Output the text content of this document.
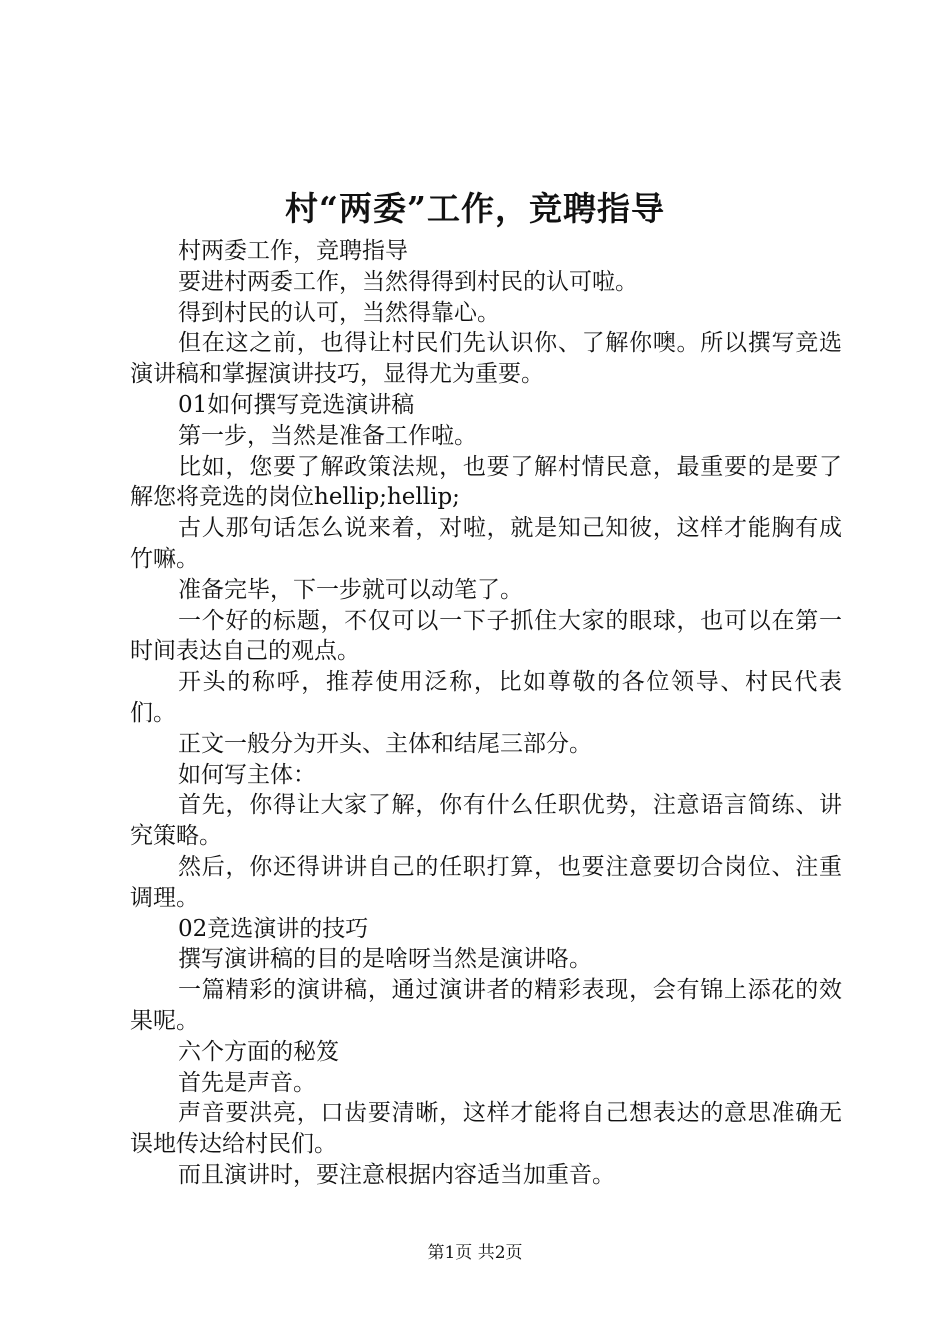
村“两委”工作，竞聘指导

村两委工作，竞聘指导

要进村两委工作，当然得得到村民的认可啦。

得到村民的认可，当然得靠心。

但在这之前，也得让村民们先认识你、了解你噢。所以撰写竞选演讲稿和掌握演讲技巧，显得尤为重要。

01如何撰写竞选演讲稿

第一步，当然是准备工作啦。

比如，您要了解政策法规，也要了解村情民意，最重要的是要了解您将竞选的岗位hellip;hellip;

古人那句话怎么说来着，对啦，就是知己知彼，这样才能胸有成竹嘛。

准备完毕，下一步就可以动笔了。

一个好的标题，不仅可以一下子抓住大家的眼球，也可以在第一时间表达自己的观点。

开头的称呼，推荐使用泛称，比如尊敬的各位领导、村民代表们。

正文一般分为开头、主体和结尾三部分。

如何写主体：

首先，你得让大家了解，你有什么任职优势，注意语言简练、讲究策略。

然后，你还得讲讲自己的任职打算，也要注意要切合岗位、注重调理。

02竞选演讲的技巧

撰写演讲稿的目的是啥呀当然是演讲咯。

一篇精彩的演讲稿，通过演讲者的精彩表现，会有锦上添花的效果呢。

六个方面的秘笈

首先是声音。

声音要洪亮，口齿要清晰，这样才能将自己想表达的意思准确无误地传达给村民们。

而且演讲时，要注意根据内容适当加重音。

第1页 共2页
